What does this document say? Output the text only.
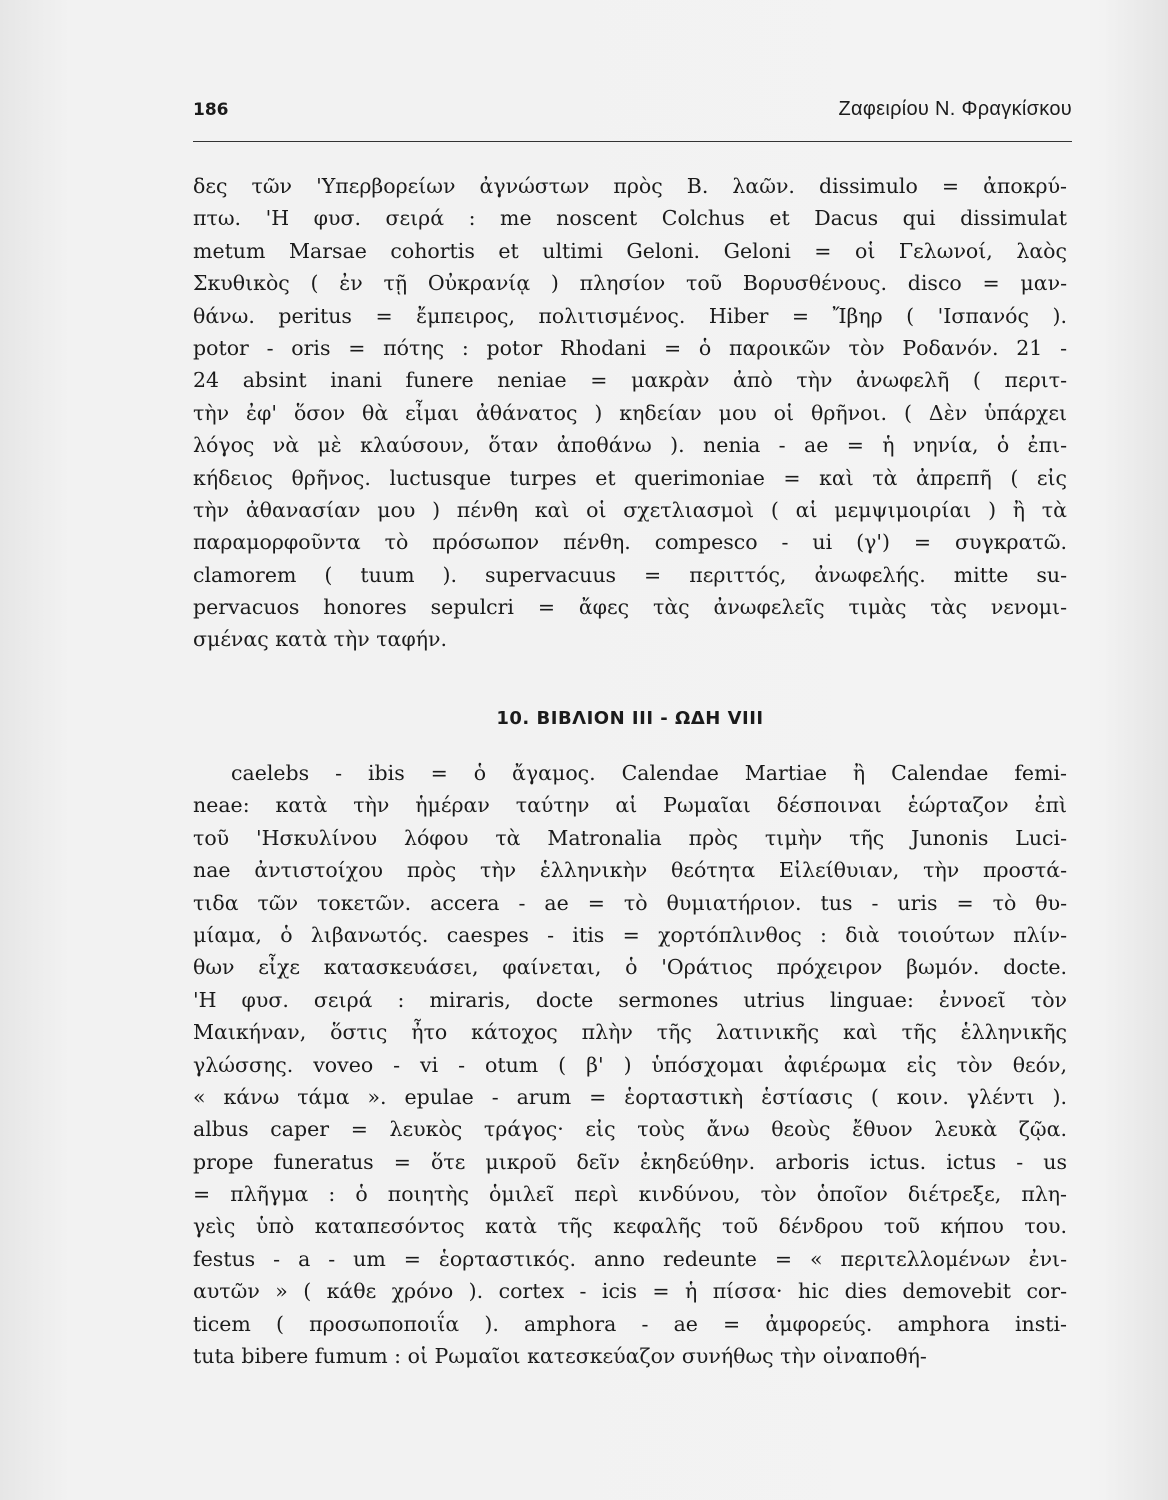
186	Ζαφειρίου Ν. Φραγκίσκου
δες τῶν 'Υπερβορείων ἀγνώστων πρὸς Β. λαῶν. dissimulo = ἀποκρύ-
πτω. 'Η φυσ. σειρά : me noscent Colchus et Dacus qui dissimulat
metum Marsae cohortis et ultimi Geloni. Geloni = οἱ Γελωνοί, λαὸς
Σκυθικὸς ( ἐν τῇ Οὐκρανίᾳ ) πλησίον τοῦ Βορυσθένους. disco = μαν-
θάνω. peritus = ἔμπειρος, πολιτισμένος. Hiber = Ἴβηρ ( 'Ισπανός ).
potor - oris = πότης : potor Rhodani = ὁ παροικῶν τὸν Ροδανόν. 21 -
24 absint inani funere neniae = μακρὰν ἀπὸ τὴν ἀνωφελῆ ( περιτ-
τὴν ἐφ' ὅσον θὰ εἶμαι ἀθάνατος ) κηδείαν μου οἱ θρῆνοι. ( Δὲν ὑπάρχει
λόγος νὰ μὲ κλαύσουν, ὅταν ἀποθάνω ). nenia - ae = ἡ νηνία, ὁ ἐπι-
κήδειος θρῆνος. luctusque turpes et querimoniae = καὶ τὰ ἀπρεπῆ ( εἰς
τὴν ἀθανασίαν μου ) πένθη καὶ οἱ σχετλιασμοὶ ( αἱ μεμψιμοιρίαι ) ἢ τὰ
παραμορφοῦντα τὸ πρόσωπον πένθη. compesco - ui (γ') = συγκρατῶ.
clamorem ( tuum ). supervacuus = περιττός, ἀνωφελής. mitte su-
pervacuos honores sepulcri = ἄφες τὰς ἀνωφελεῖς τιμὰς τὰς νενομι-
σμένας κατὰ τὴν ταφήν.
10. ΒΙΒΛΙΟΝ ΙΙΙ - ΩΔΗ VIII
caelebs - ibis = ὁ ἄγαμος. Calendae Martiae ἢ Calendae femi-
neae: κατὰ τὴν ἡμέραν ταύτην αἱ Ρωμαῖαι δέσποιναι ἑώρταζον ἐπὶ
τοῦ 'Ησκυλίνου λόφου τὰ Matronalia πρὸς τιμὴν τῆς Junonis Luci-
nae ἀντιστοίχου πρὸς τὴν ἑλληνικὴν θεότητα Εἰλείθυιαν, τὴν προστά-
τιδα τῶν τοκετῶν. accera - ae = τὸ θυμιατήριον. tus - uris = τὸ θυ-
μίαμα, ὁ λιβανωτός. caespes - itis = χορτόπλινθος : διὰ τοιούτων πλίν-
θων εἶχε κατασκευάσει, φαίνεται, ὁ 'Οράτιος πρόχειρον βωμόν. docte.
'Η φυσ. σειρά : miraris, docte sermones utrius linguae: ἐννοεῖ τὸν
Μαικήναν, ὅστις ἦτο κάτοχος πλὴν τῆς λατινικῆς καὶ τῆς ἑλληνικῆς
γλώσσης. voveo - vi - otum ( β' ) ὑπόσχομαι ἀφιέρωμα εἰς τὸν θεόν,
« κάνω τάμα ». epulae - arum = ἑορταστικὴ ἑστίασις ( κοιν. γλέντι ).
albus caper = λευκὸς τράγος· εἰς τοὺς ἄνω θεοὺς ἔθυον λευκὰ ζῷα.
prope funeratus = ὅτε μικροῦ δεῖν ἐκηδεύθην. arboris ictus. ictus - us
= πλῆγμα : ὁ ποιητὴς ὁμιλεῖ περὶ κινδύνου, τὸν ὁποῖον διέτρεξε, πλη-
γεὶς ὑπὸ καταπεσόντος κατὰ τῆς κεφαλῆς τοῦ δένδρου τοῦ κήπου του.
festus - a - um = ἑορταστικός. anno redeunte = « περιτελλομένων ἐνι-
αυτῶν » ( κάθε χρόνο ). cortex - icis = ἡ πίσσα· hic dies demovebit cor-
ticem ( προσωποποιΐα ). amphora - ae = ἀμφορεύς. amphora insti-
tuta bibere fumum : οἱ Ρωμαῖοι κατεσκεύαζον συνήθως τὴν οἰναποθή-
